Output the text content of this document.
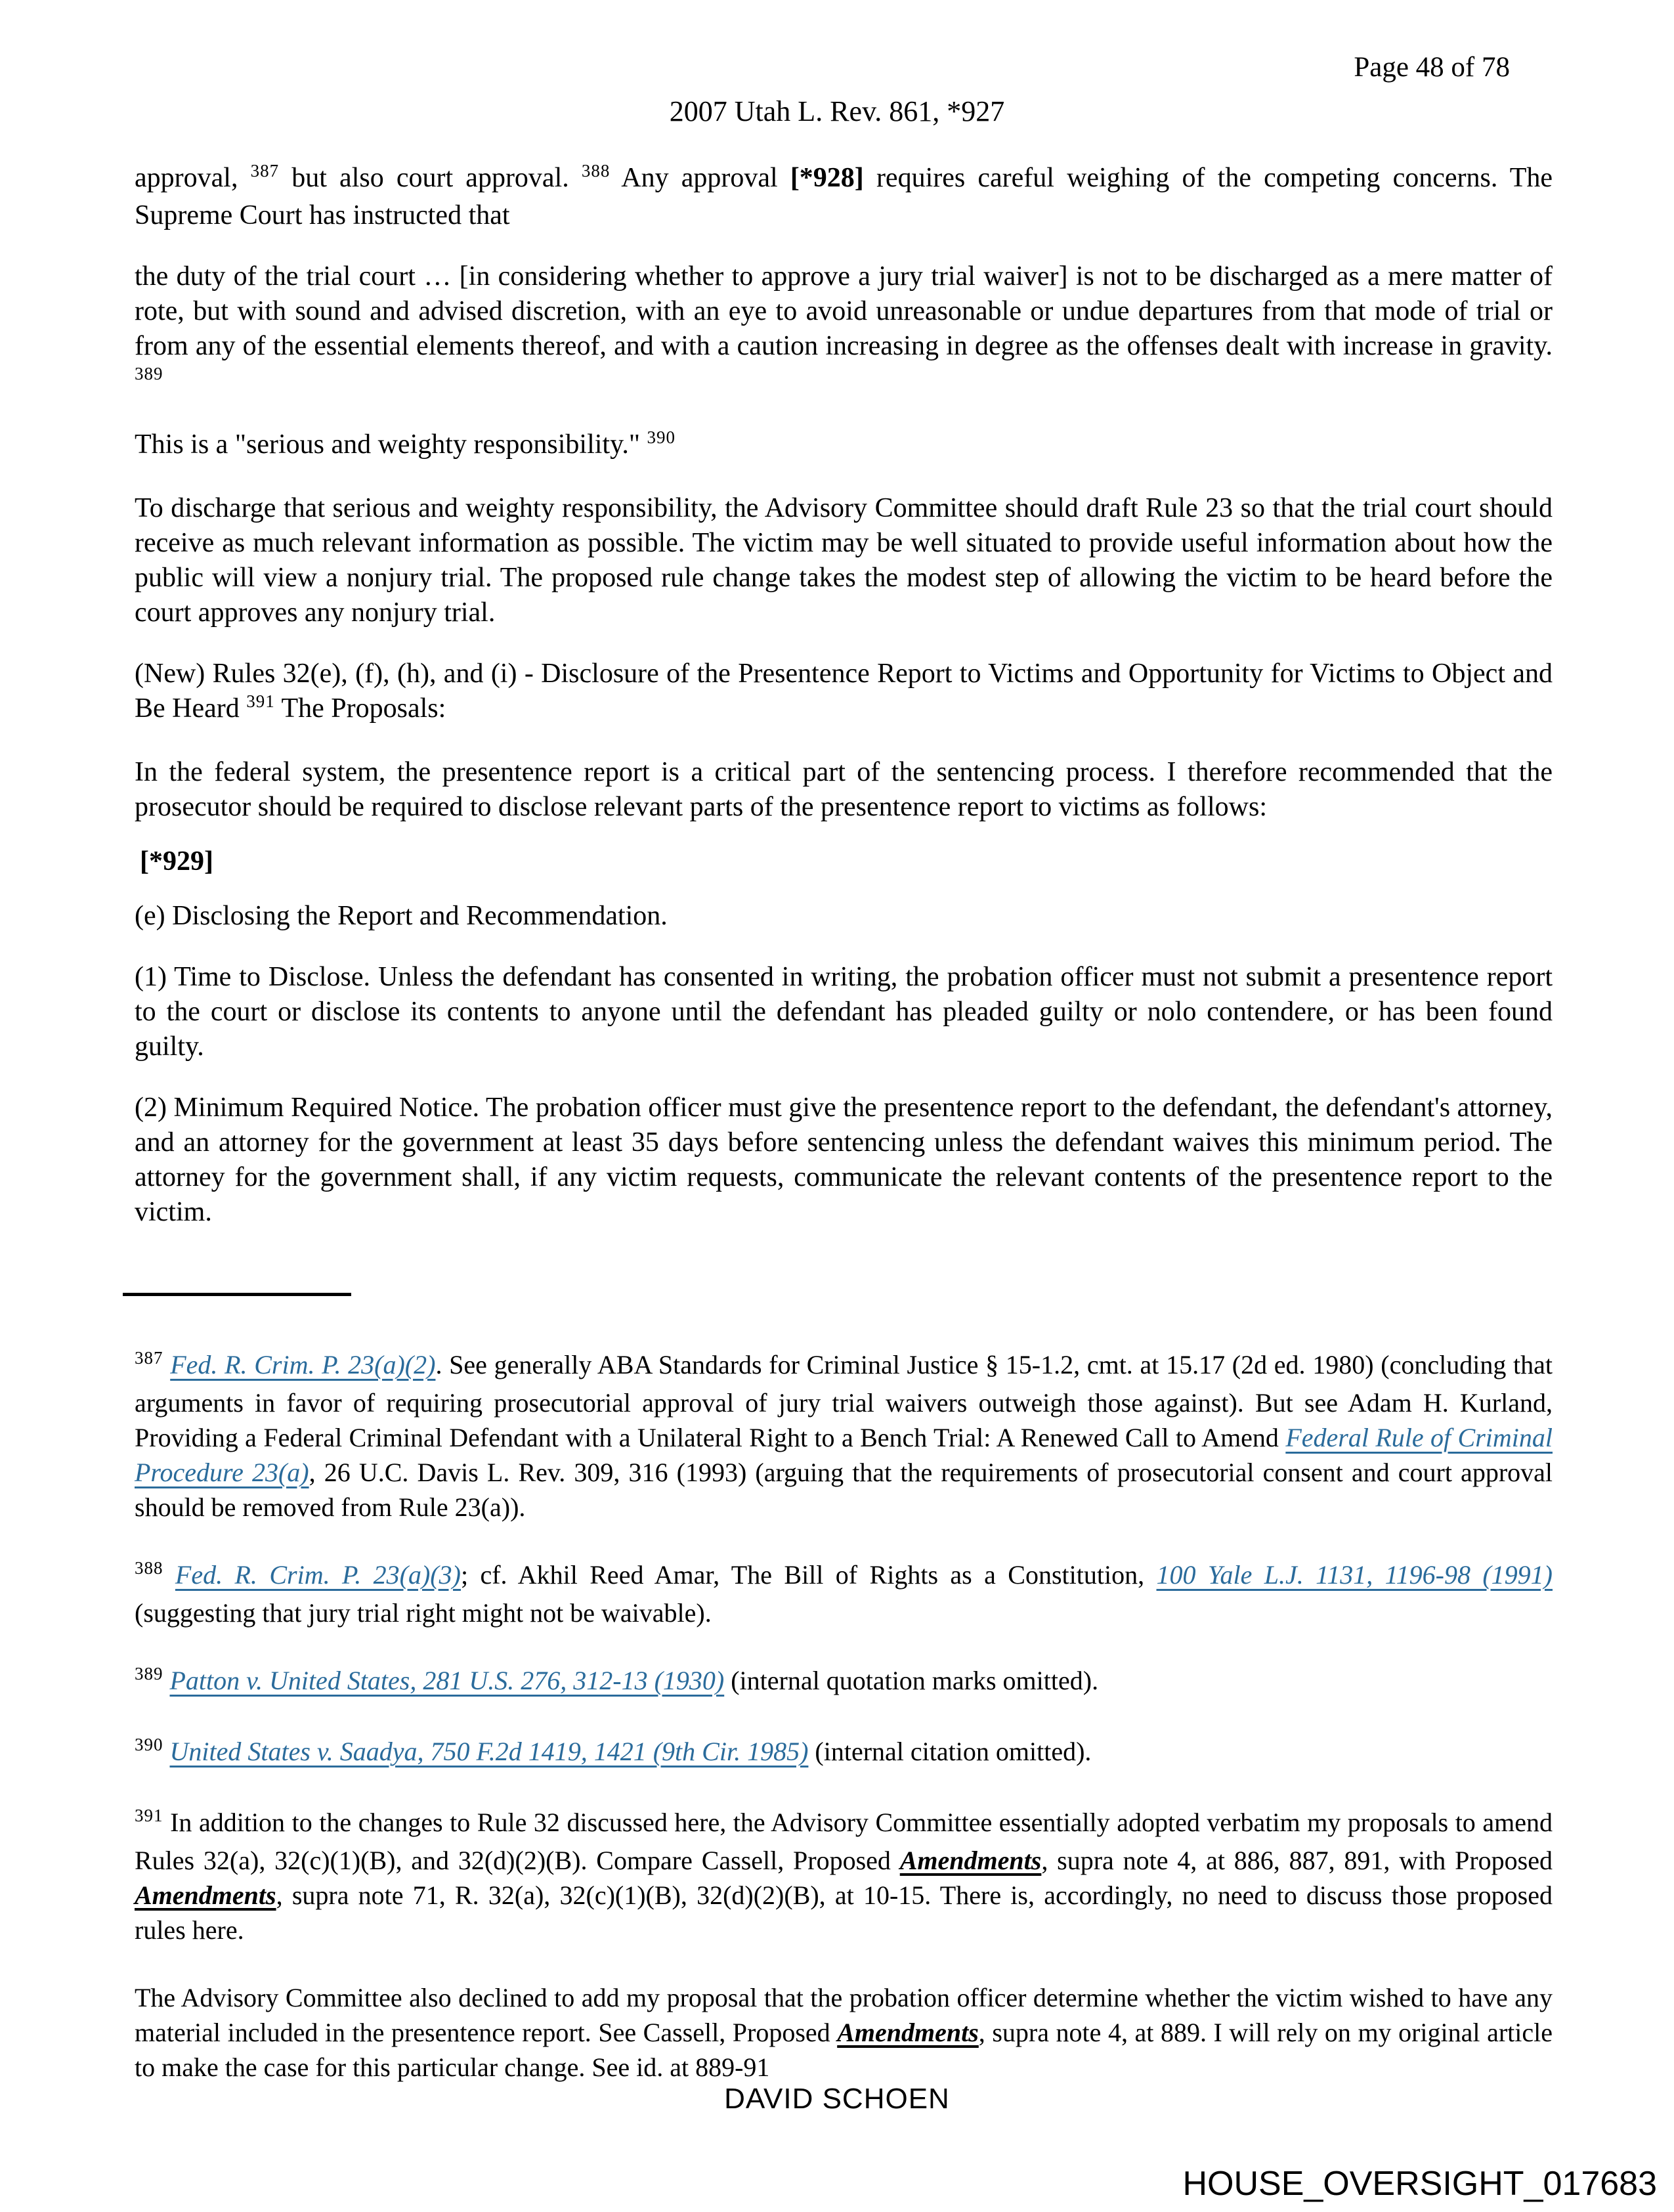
Page 48 of 78
2007 Utah L. Rev. 861, *927

approval, $^{387}$ but also court approval. $^{388}$ Any approval [*928] requires careful weighing of the competing concerns. The Supreme Court has instructed that

the duty of the trial court … [in considering whether to approve a jury trial waiver] is not to be discharged as a mere matter of rote, but with sound and advised discretion, with an eye to avoid unreasonable or undue departures from that mode of trial or from any of the essential elements thereof, and with a caution increasing in degree as the offenses dealt with increase in gravity. $^{389}$

This is a "serious and weighty responsibility." $^{390}$

To discharge that serious and weighty responsibility, the Advisory Committee should draft Rule 23 so that the trial court should receive as much relevant information as possible. The victim may be well situated to provide useful information about how the public will view a nonjury trial. The proposed rule change takes the modest step of allowing the victim to be heard before the court approves any nonjury trial.

(New) Rules 32(e), (f), (h), and (i) - Disclosure of the Presentence Report to Victims and Opportunity for Victims to Object and Be Heard $^{391}$ The Proposals:

In the federal system, the presentence report is a critical part of the sentencing process. I therefore recommended that the prosecutor should be required to disclose relevant parts of the presentence report to victims as follows:

[*929]

(e) Disclosing the Report and Recommendation.

(1) Time to Disclose. Unless the defendant has consented in writing, the probation officer must not submit a presentence report to the court or disclose its contents to anyone until the defendant has pleaded guilty or nolo contendere, or has been found guilty.

(2) Minimum Required Notice. The probation officer must give the presentence report to the defendant, the defendant's attorney, and an attorney for the government at least 35 days before sentencing unless the defendant waives this minimum period. The attorney for the government shall, if any victim requests, communicate the relevant contents of the presentence report to the victim.

$^{387}$ Fed. R. Crim. P. 23(a)(2). See generally ABA Standards for Criminal Justice § 15-1.2, cmt. at 15.17 (2d ed. 1980) (concluding that arguments in favor of requiring prosecutorial approval of jury trial waivers outweigh those against). But see Adam H. Kurland, Providing a Federal Criminal Defendant with a Unilateral Right to a Bench Trial: A Renewed Call to Amend Federal Rule of Criminal Procedure 23(a), 26 U.C. Davis L. Rev. 309, 316 (1993) (arguing that the requirements of prosecutorial consent and court approval should be removed from Rule 23(a)).

$^{388}$ Fed. R. Crim. P. 23(a)(3); cf. Akhil Reed Amar, The Bill of Rights as a Constitution, 100 Yale L.J. 1131, 1196-98 (1991) (suggesting that jury trial right might not be waivable).

$^{389}$ Patton v. United States, 281 U.S. 276, 312-13 (1930) (internal quotation marks omitted).

$^{390}$ United States v. Saadya, 750 F.2d 1419, 1421 (9th Cir. 1985) (internal citation omitted).

$^{391}$ In addition to the changes to Rule 32 discussed here, the Advisory Committee essentially adopted verbatim my proposals to amend Rules 32(a), 32(c)(1)(B), and 32(d)(2)(B). Compare Cassell, Proposed Amendments, supra note 4, at 886, 887, 891, with Proposed Amendments, supra note 71, R. 32(a), 32(c)(1)(B), 32(d)(2)(B), at 10-15. There is, accordingly, no need to discuss those proposed rules here.

The Advisory Committee also declined to add my proposal that the probation officer determine whether the victim wished to have any material included in the presentence report. See Cassell, Proposed Amendments, supra note 4, at 889. I will rely on my original article to make the case for this particular change. See id. at 889-91

DAVID SCHOEN
HOUSE_OVERSIGHT_017683
